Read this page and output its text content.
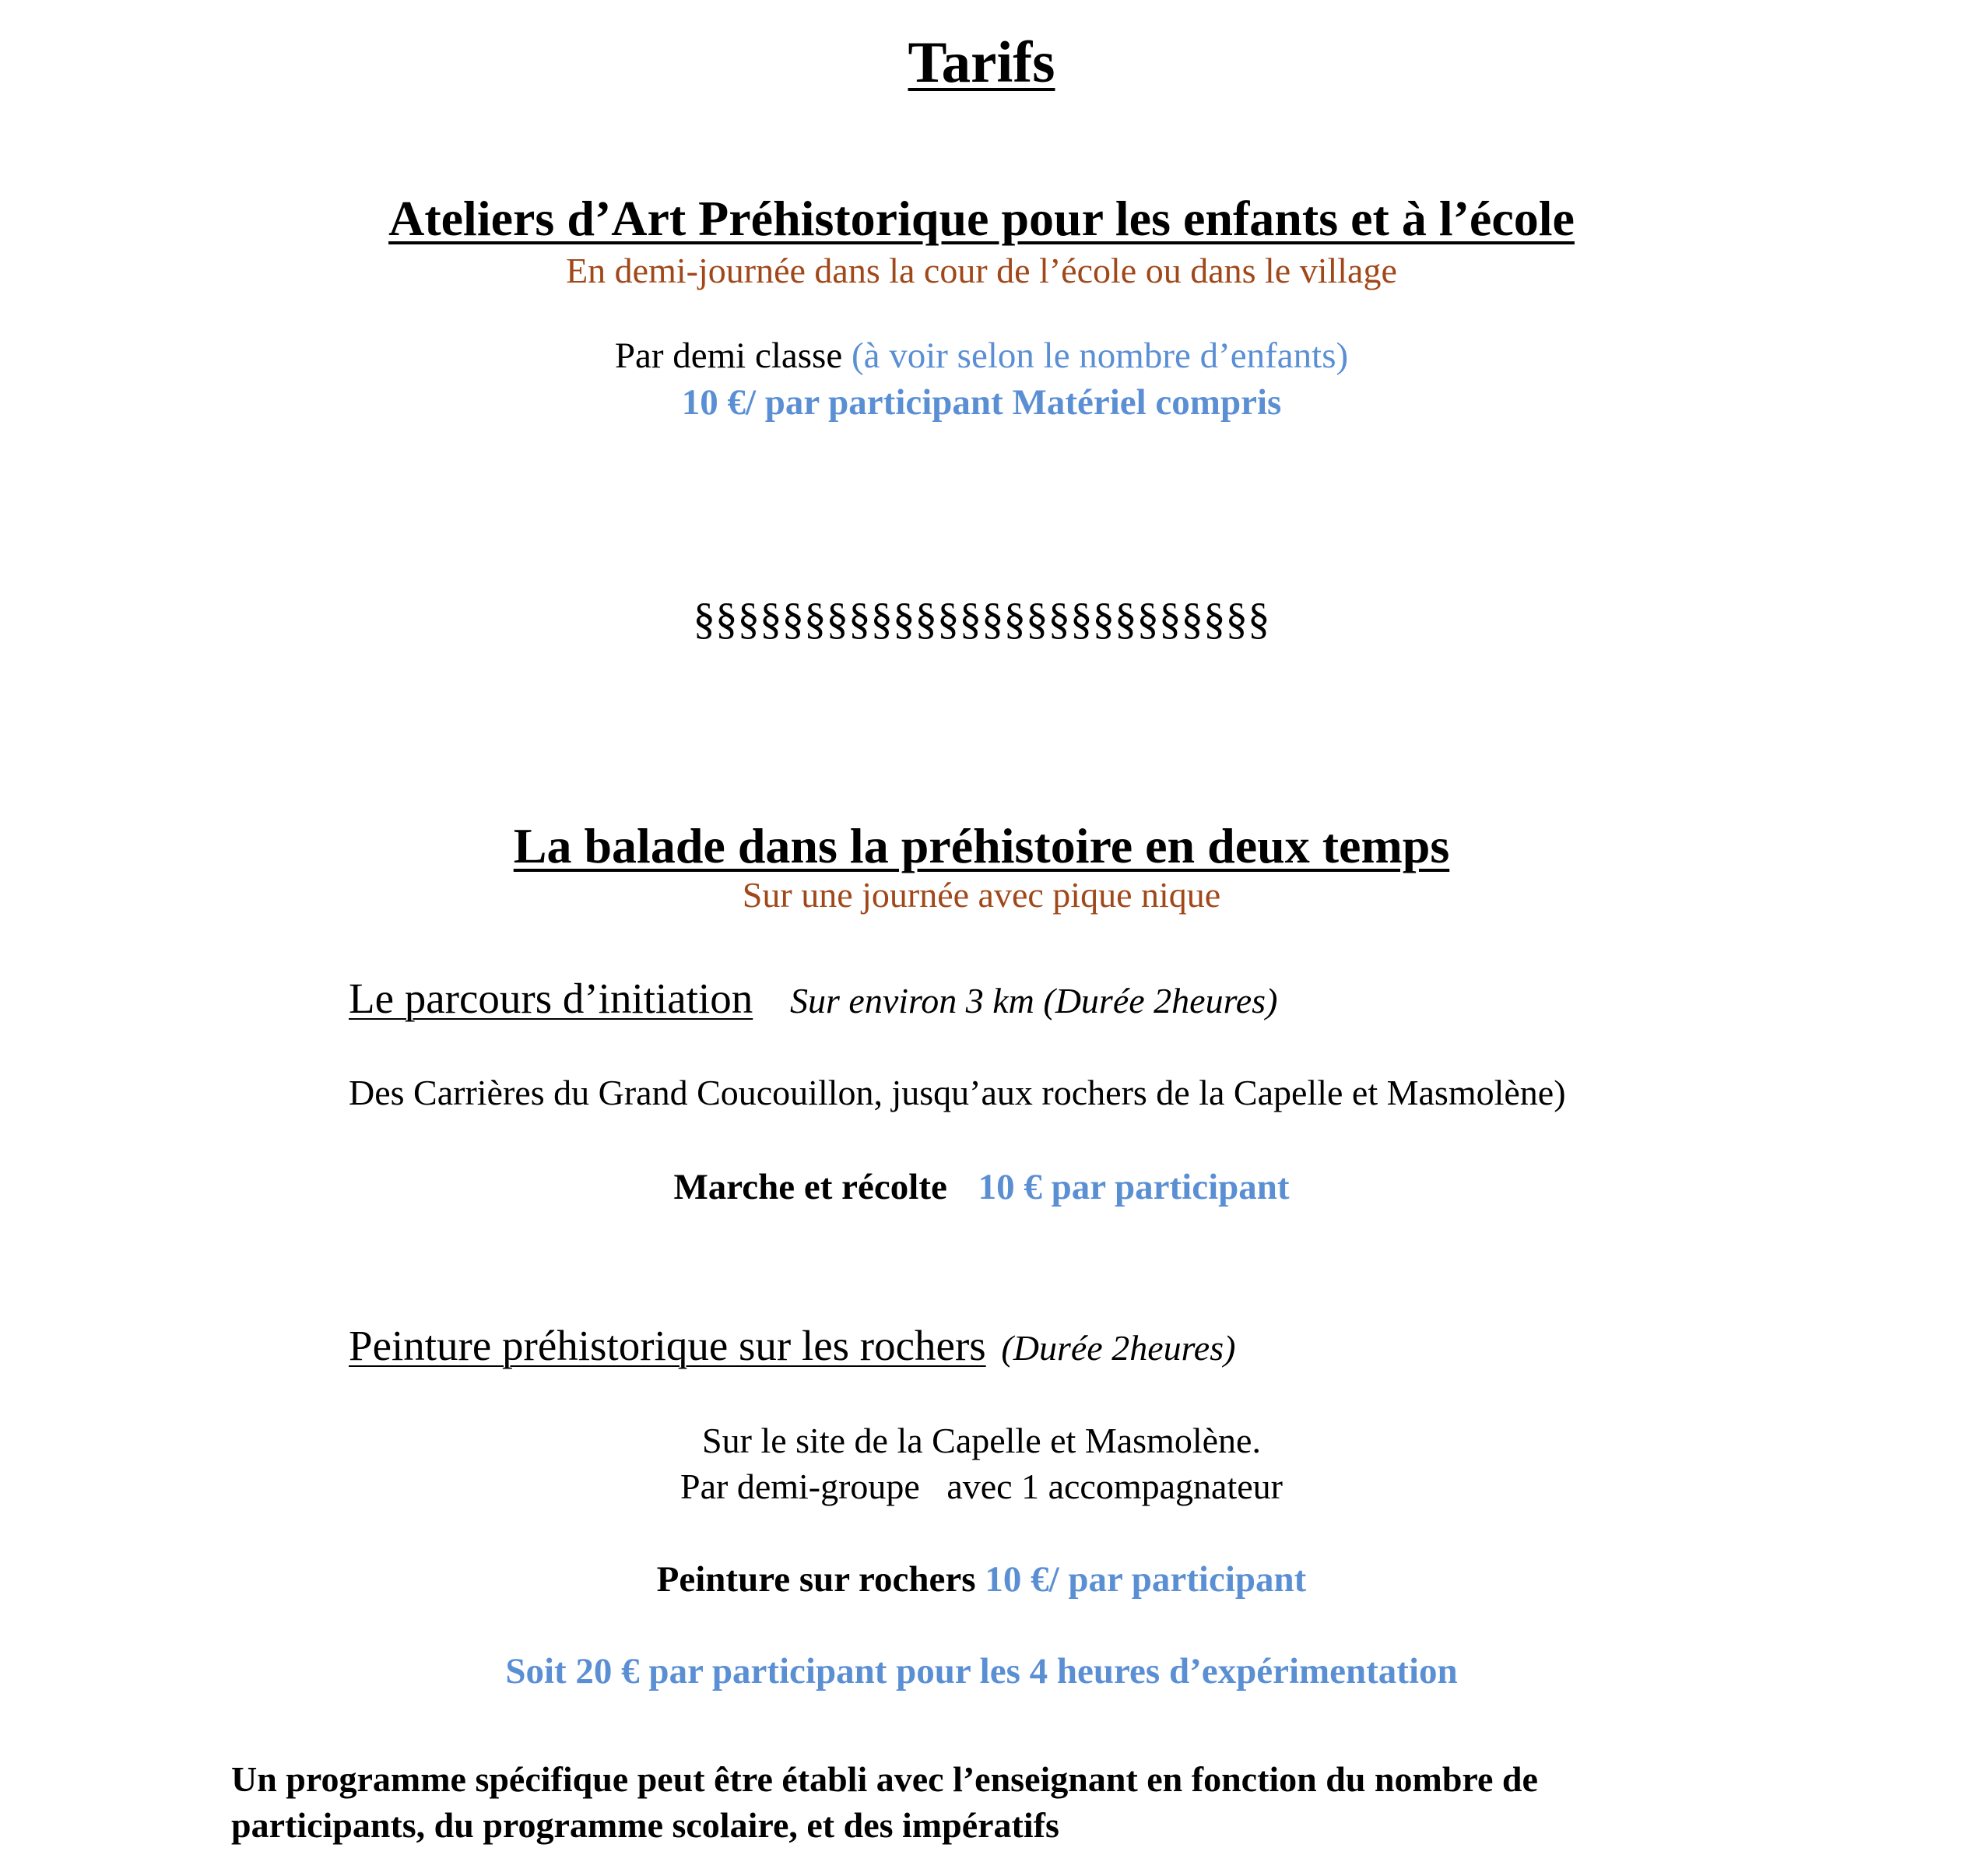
Tarifs
Ateliers d’Art Préhistorique pour les enfants et à l’école
En demi-journée dans la cour de l’école ou dans le village
Par demi classe (à voir selon le nombre d’enfants)
10 €/ par participant Matériel compris
§§§§§§§§§§§§§§§§§§§§§§§§§§
La balade dans la préhistoire en deux temps
Sur une journée avec pique nique
Le parcours d’initiation Sur environ 3 km (Durée 2heures)
Des Carrières du Grand Coucouillon, jusqu’aux rochers de la Capelle et Masmolène)
Marche et récolte 10 € par participant
Peinture préhistorique sur les rochers (Durée 2heures)
Sur le site de la Capelle et Masmolène.
Par demi-groupe   avec 1 accompagnateur
Peinture sur rochers 10 €/ par participant
Soit 20 € par participant pour les 4 heures d’expérimentation
Un programme spécifique peut être établi avec l’enseignant en fonction du nombre de
participants, du programme scolaire, et des impératifs
